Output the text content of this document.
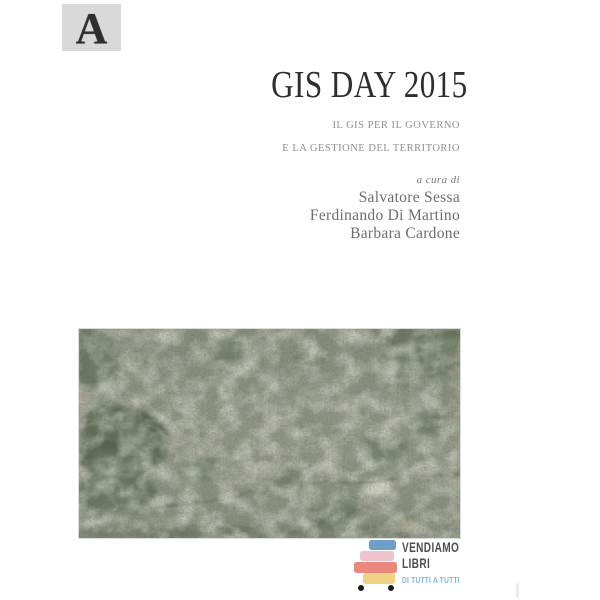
A
GIS DAY 2015
IL GIS PER IL GOVERNO
E LA GESTIONE DEL TERRITORIO
a cura di
Salvatore Sessa
Ferdinando Di Martino
Barbara Cardone
VENDIAMO
LIBRI
DI TUTTI A TUTTI
